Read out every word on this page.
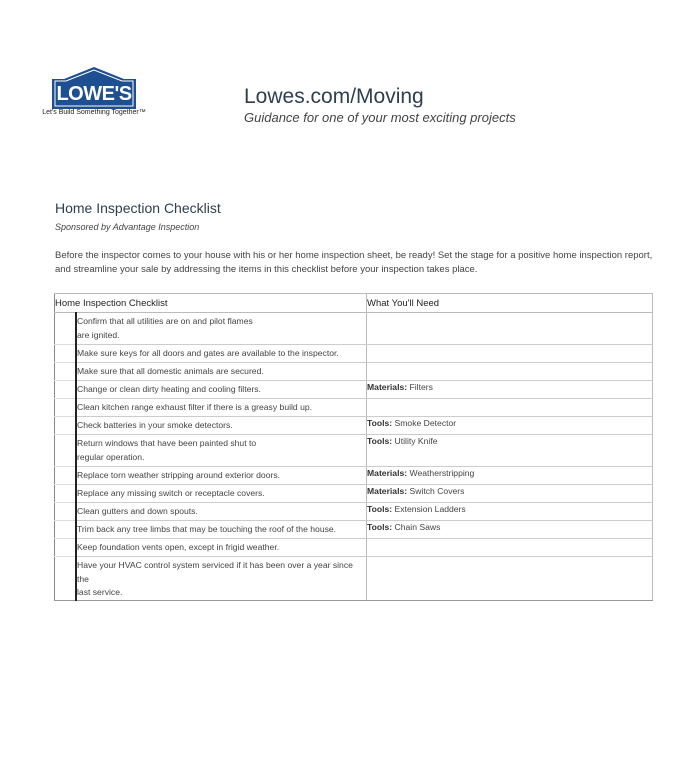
LOWE'S
Let's Build Something Together™
Lowes.com/Moving
Guidance for one of your most exciting projects
Home Inspection Checklist
Sponsored by Advantage Inspection

Before the inspector comes to your house with his or her home inspection sheet, be ready! Set the stage for a positive home inspection report,

and streamline your sale by addressing the items in this checklist before your inspection takes place.

Home Inspection Checklist		What You'll Need

	Confirm that all utilities are on and pilot flames
are ignited.	

	Make sure keys for all doors and gates are available to the inspector.	

	Make sure that all domestic animals are secured.	

	Change or clean dirty heating and cooling filters.	Materials: Filters

	Clean kitchen range exhaust filter if there is a greasy build up.	

	Check batteries in your smoke detectors.	Tools: Smoke Detector

	Return windows that have been painted shut to
regular operation.	Tools: Utility Knife

	Replace torn weather stripping around exterior doors.	Materials: Weatherstripping

	Replace any missing switch or receptacle covers.	Materials: Switch Covers

	Clean gutters and down spouts.	Tools: Extension Ladders

	Trim back any tree limbs that may be touching the roof of the house.	Tools: Chain Saws

	Keep foundation vents open, except in frigid weather.	

	Have your HVAC control system serviced if it has been over a year since the
last service.	
